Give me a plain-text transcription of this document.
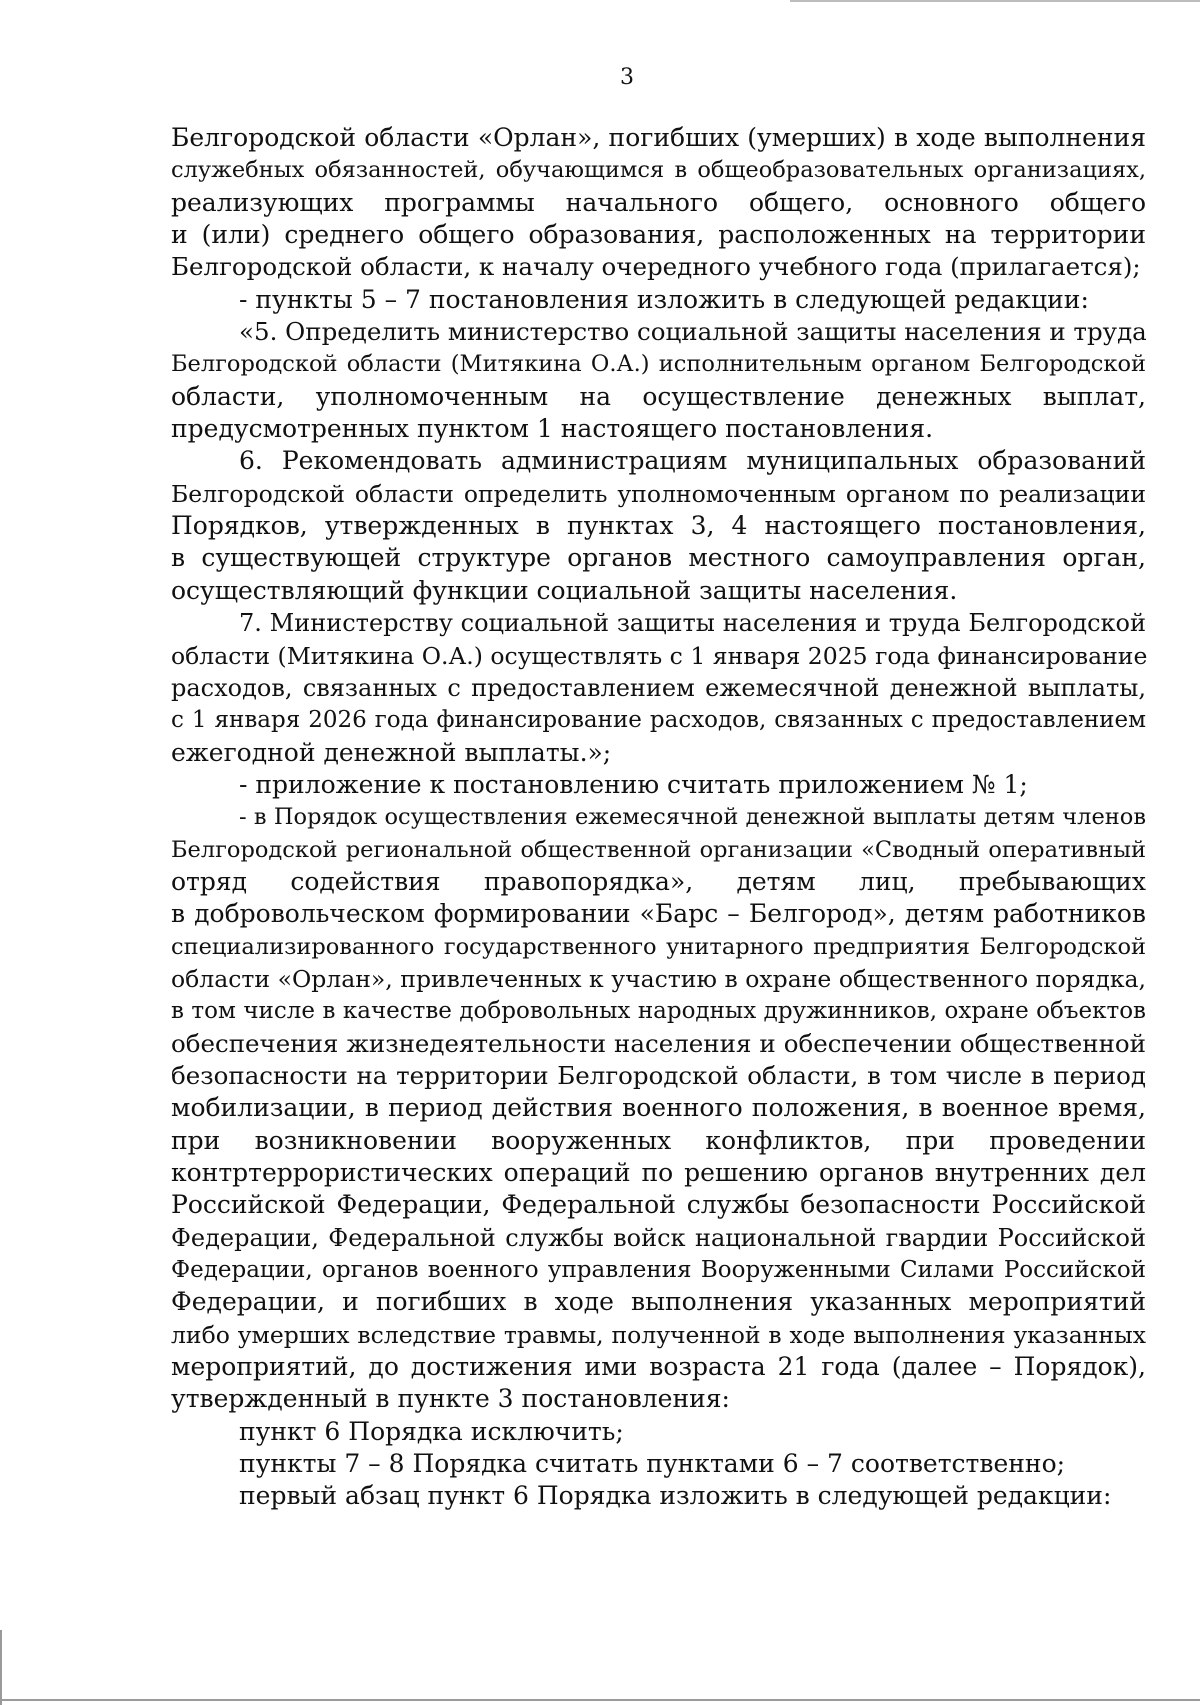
3
Белгородской области «Орлан», погибших (умерших) в ходе выполнения
служебных обязанностей, обучающимся в общеобразовательных организациях,
реализующих программы начального общего, основного общего
и (или) среднего общего образования, расположенных на территории
Белгородской области, к началу очередного учебного года (прилагается);
- пункты 5 – 7 постановления изложить в следующей редакции:
«5. Определить министерство социальной защиты населения и труда
Белгородской области (Митякина О.А.) исполнительным органом Белгородской
области, уполномоченным на осуществление денежных выплат,
предусмотренных пунктом 1 настоящего постановления.
6. Рекомендовать администрациям муниципальных образований
Белгородской области определить уполномоченным органом по реализации
Порядков, утвержденных в пунктах 3, 4 настоящего постановления,
в существующей структуре органов местного самоуправления орган,
осуществляющий функции социальной защиты населения.
7. Министерству социальной защиты населения и труда Белгородской
области (Митякина О.А.) осуществлять с 1 января 2025 года финансирование
расходов, связанных с предоставлением ежемесячной денежной выплаты,
с 1 января 2026 года финансирование расходов, связанных с предоставлением
ежегодной денежной выплаты.»;
- приложение к постановлению считать приложением № 1;
- в Порядок осуществления ежемесячной денежной выплаты детям членов
Белгородской региональной общественной организации «Сводный оперативный
отряд содействия правопорядка», детям лиц, пребывающих
в добровольческом формировании «Барс – Белгород», детям работников
специализированного государственного унитарного предприятия Белгородской
области «Орлан», привлеченных к участию в охране общественного порядка,
в том числе в качестве добровольных народных дружинников, охране объектов
обеспечения жизнедеятельности населения и обеспечении общественной
безопасности на территории Белгородской области, в том числе в период
мобилизации, в период действия военного положения, в военное время,
при возникновении вооруженных конфликтов, при проведении
контртеррористических операций по решению органов внутренних дел
Российской Федерации, Федеральной службы безопасности Российской
Федерации, Федеральной службы войск национальной гвардии Российской
Федерации, органов военного управления Вооруженными Силами Российской
Федерации, и погибших в ходе выполнения указанных мероприятий
либо умерших вследствие травмы, полученной в ходе выполнения указанных
мероприятий, до достижения ими возраста 21 года (далее – Порядок),
утвержденный в пункте 3 постановления:
пункт 6 Порядка исключить;
пункты 7 – 8 Порядка считать пунктами 6 – 7 соответственно;
первый абзац пункт 6 Порядка изложить в следующей редакции:
